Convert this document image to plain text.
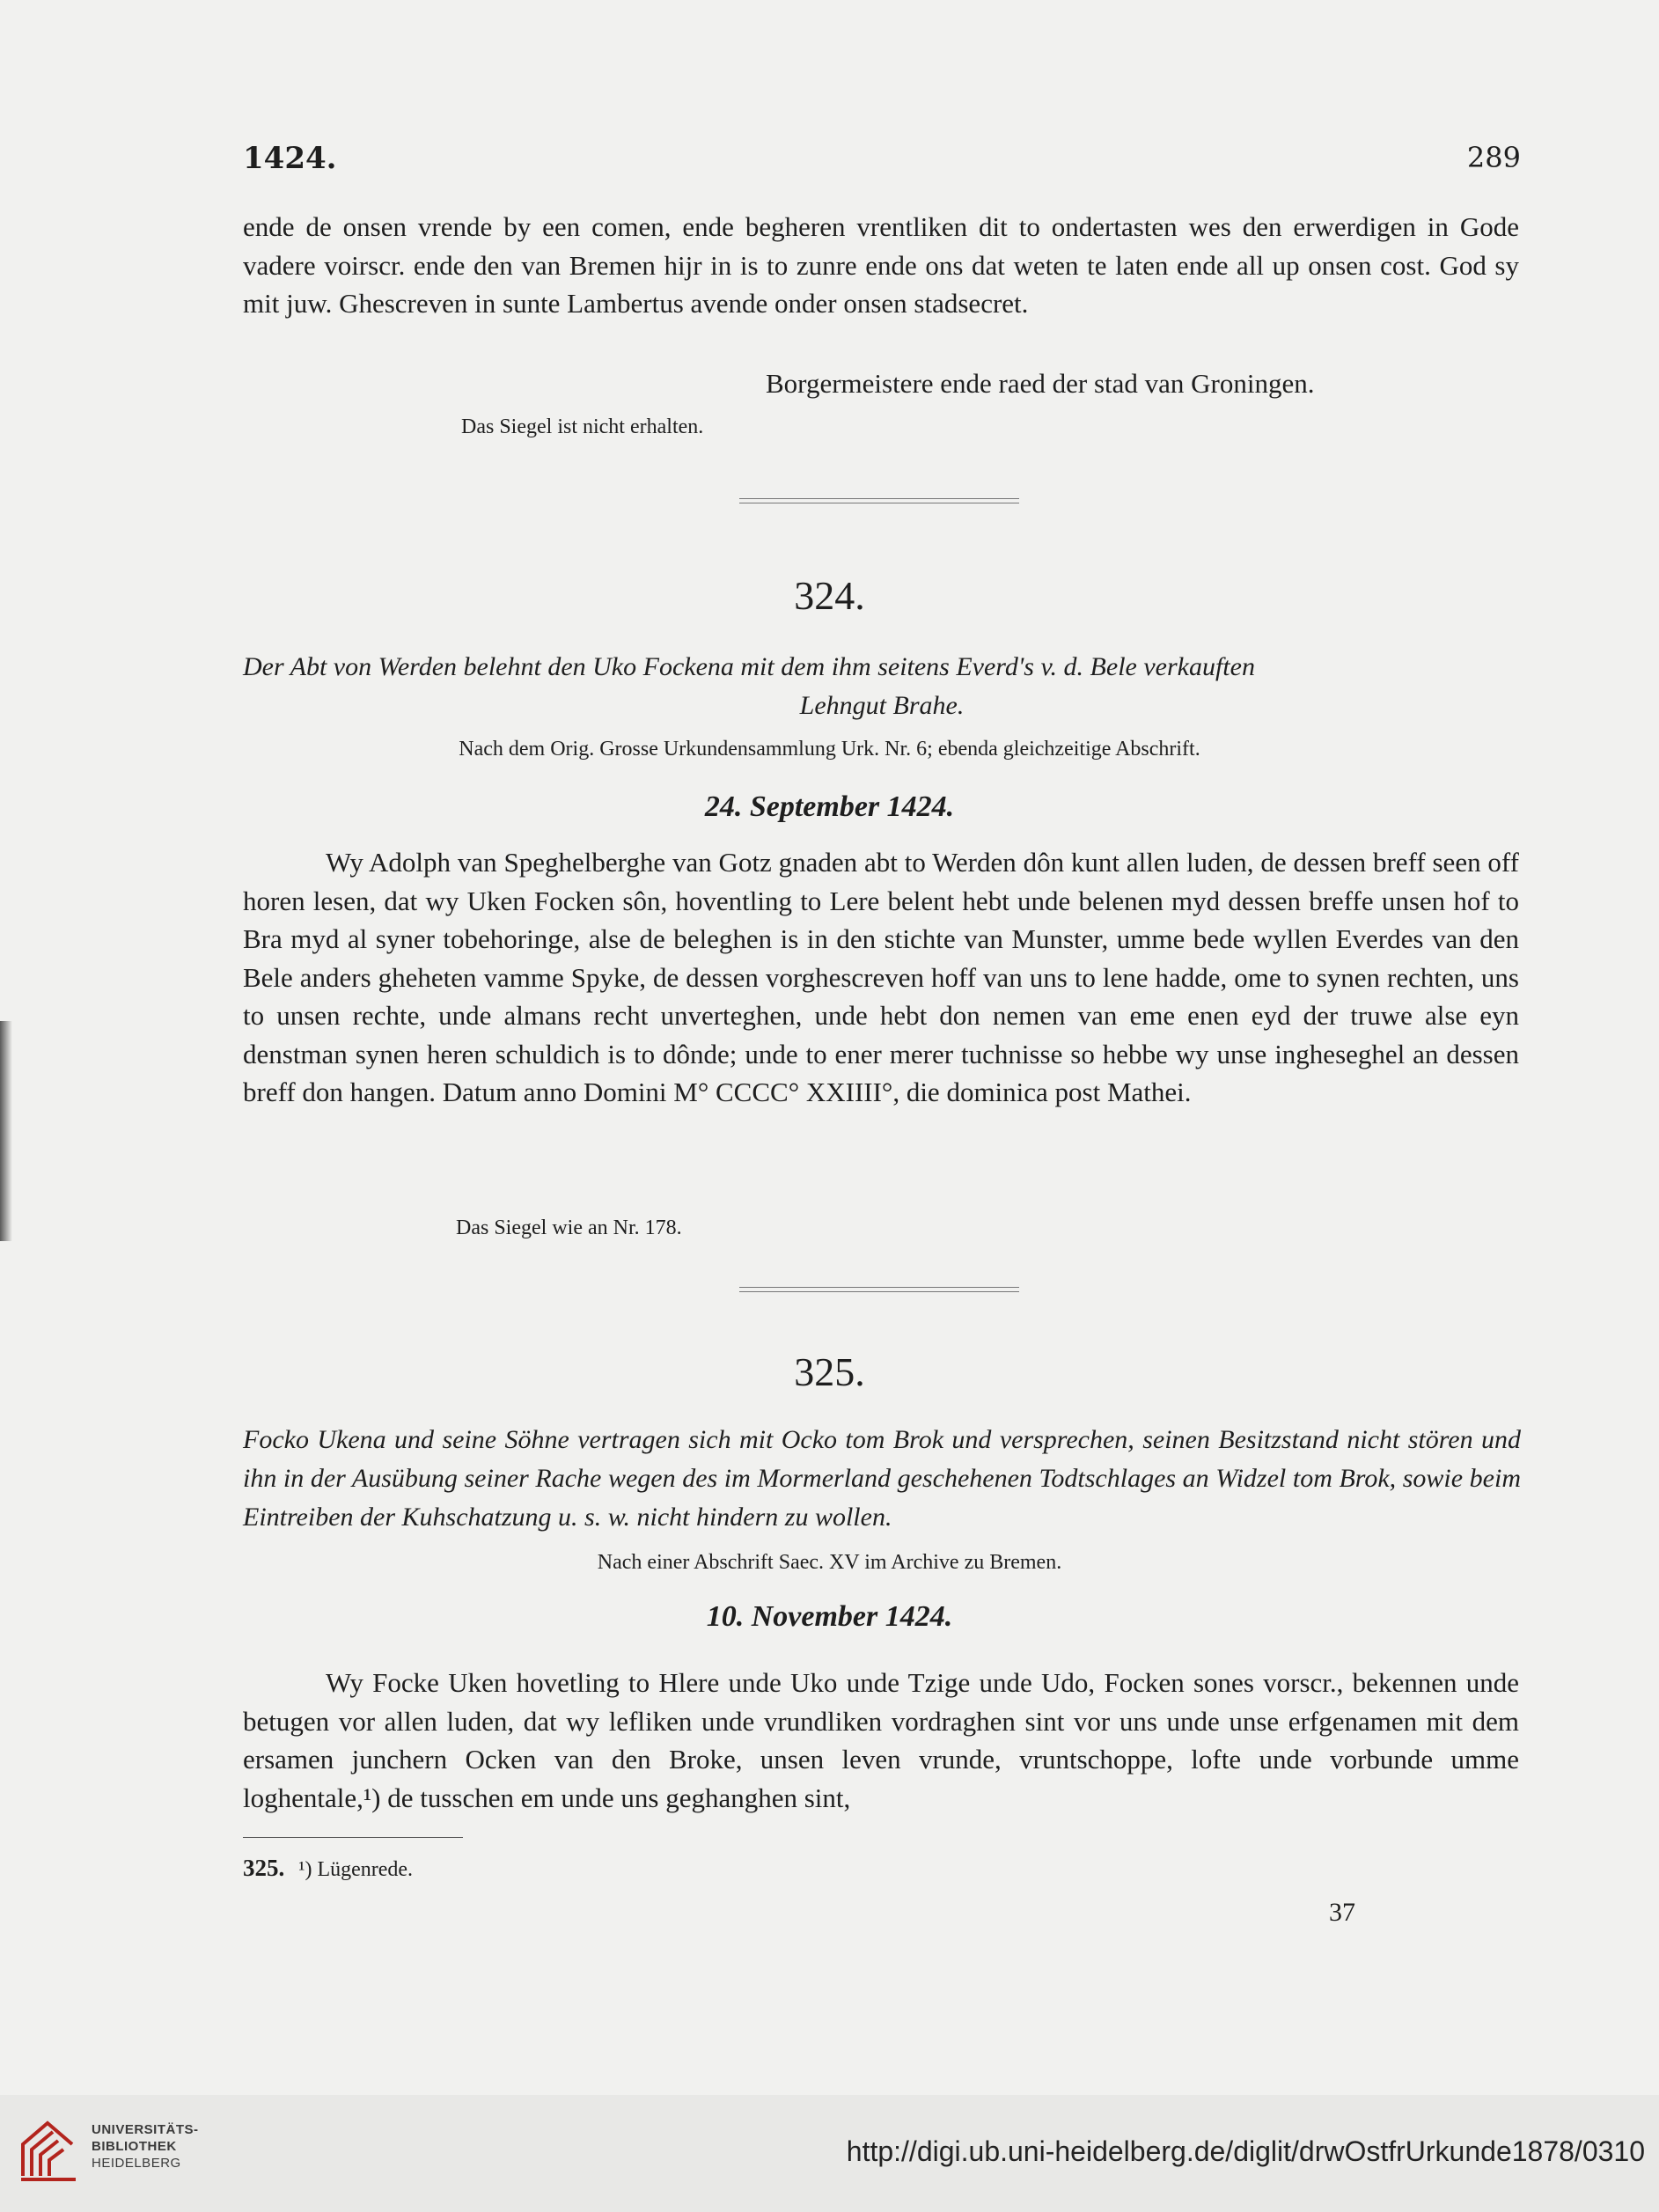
1424.	289
ende de onsen vrende by een comen, ende begheren vrentliken dit to ondertasten wes den erwerdigen in Gode vadere voirscr. ende den van Bremen hijr in is to zunre ende ons dat weten te laten ende all up onsen cost. God sy mit juw. Ghescreven in sunte Lambertus avende onder onsen stadsecret.
Borgermeistere ende raed der stad van Groningen.
Das Siegel ist nicht erhalten.
324.
Der Abt von Werden belehnt den Uko Fockena mit dem ihm seitens Everd's v. d. Bele verkauften
Lehngut Brahe.
Nach dem Orig. Grosse Urkundensammlung Urk. Nr. 6; ebenda gleichzeitige Abschrift.
24. September 1424.
Wy Adolph van Speghelberghe van Gotz gnaden abt to Werden dôn kunt allen luden, de dessen breff seen off horen lesen, dat wy Uken Focken sôn, hoventling to Lere belent hebt unde belenen myd dessen breffe unsen hof to Bra myd al syner tobehoringe, alse de beleghen is in den stichte van Munster, umme bede wyllen Everdes van den Bele anders gheheten vamme Spyke, de dessen vorghescreven hoff van uns to lene hadde, ome to synen rechten, uns to unsen rechte, unde almans recht unverteghen, unde hebt don nemen van eme enen eyd der truwe alse eyn denstman synen heren schuldich is to dônde; unde to ener merer tuchnisse so hebbe wy unse ingheseghel an dessen breff don hangen. Datum anno Domini M° CCCC° XXIIII°, die dominica post Mathei.
Das Siegel wie an Nr. 178.
325.
Focko Ukena und seine Söhne vertragen sich mit Ocko tom Brok und versprechen, seinen Besitzstand nicht stören und ihn in der Ausübung seiner Rache wegen des im Mormerland geschehenen Todtschlages an Widzel tom Brok, sowie beim Eintreiben der Kuhschatzung u. s. w. nicht hindern zu wollen.
Nach einer Abschrift Saec. XV im Archive zu Bremen.
10. November 1424.
Wy Focke Uken hovetling to Hlere unde Uko unde Tzige unde Udo, Focken sones vorscr., bekennen unde betugen vor allen luden, dat wy lefliken unde vrundliken vordraghen sint vor uns unde unse erfgenamen mit dem ersamen junchern Ocken van den Broke, unsen leven vrunde, vruntschoppe, lofte unde vorbunde umme loghentale,¹) de tusschen em unde uns geghanghen sint,
325. ¹) Lügenrede.
37
UNIVERSITÄTS-
BIBLIOTHEK
HEIDELBERG	http://digi.ub.uni-heidelberg.de/diglit/drwOstfrUrkunde1878/0310
